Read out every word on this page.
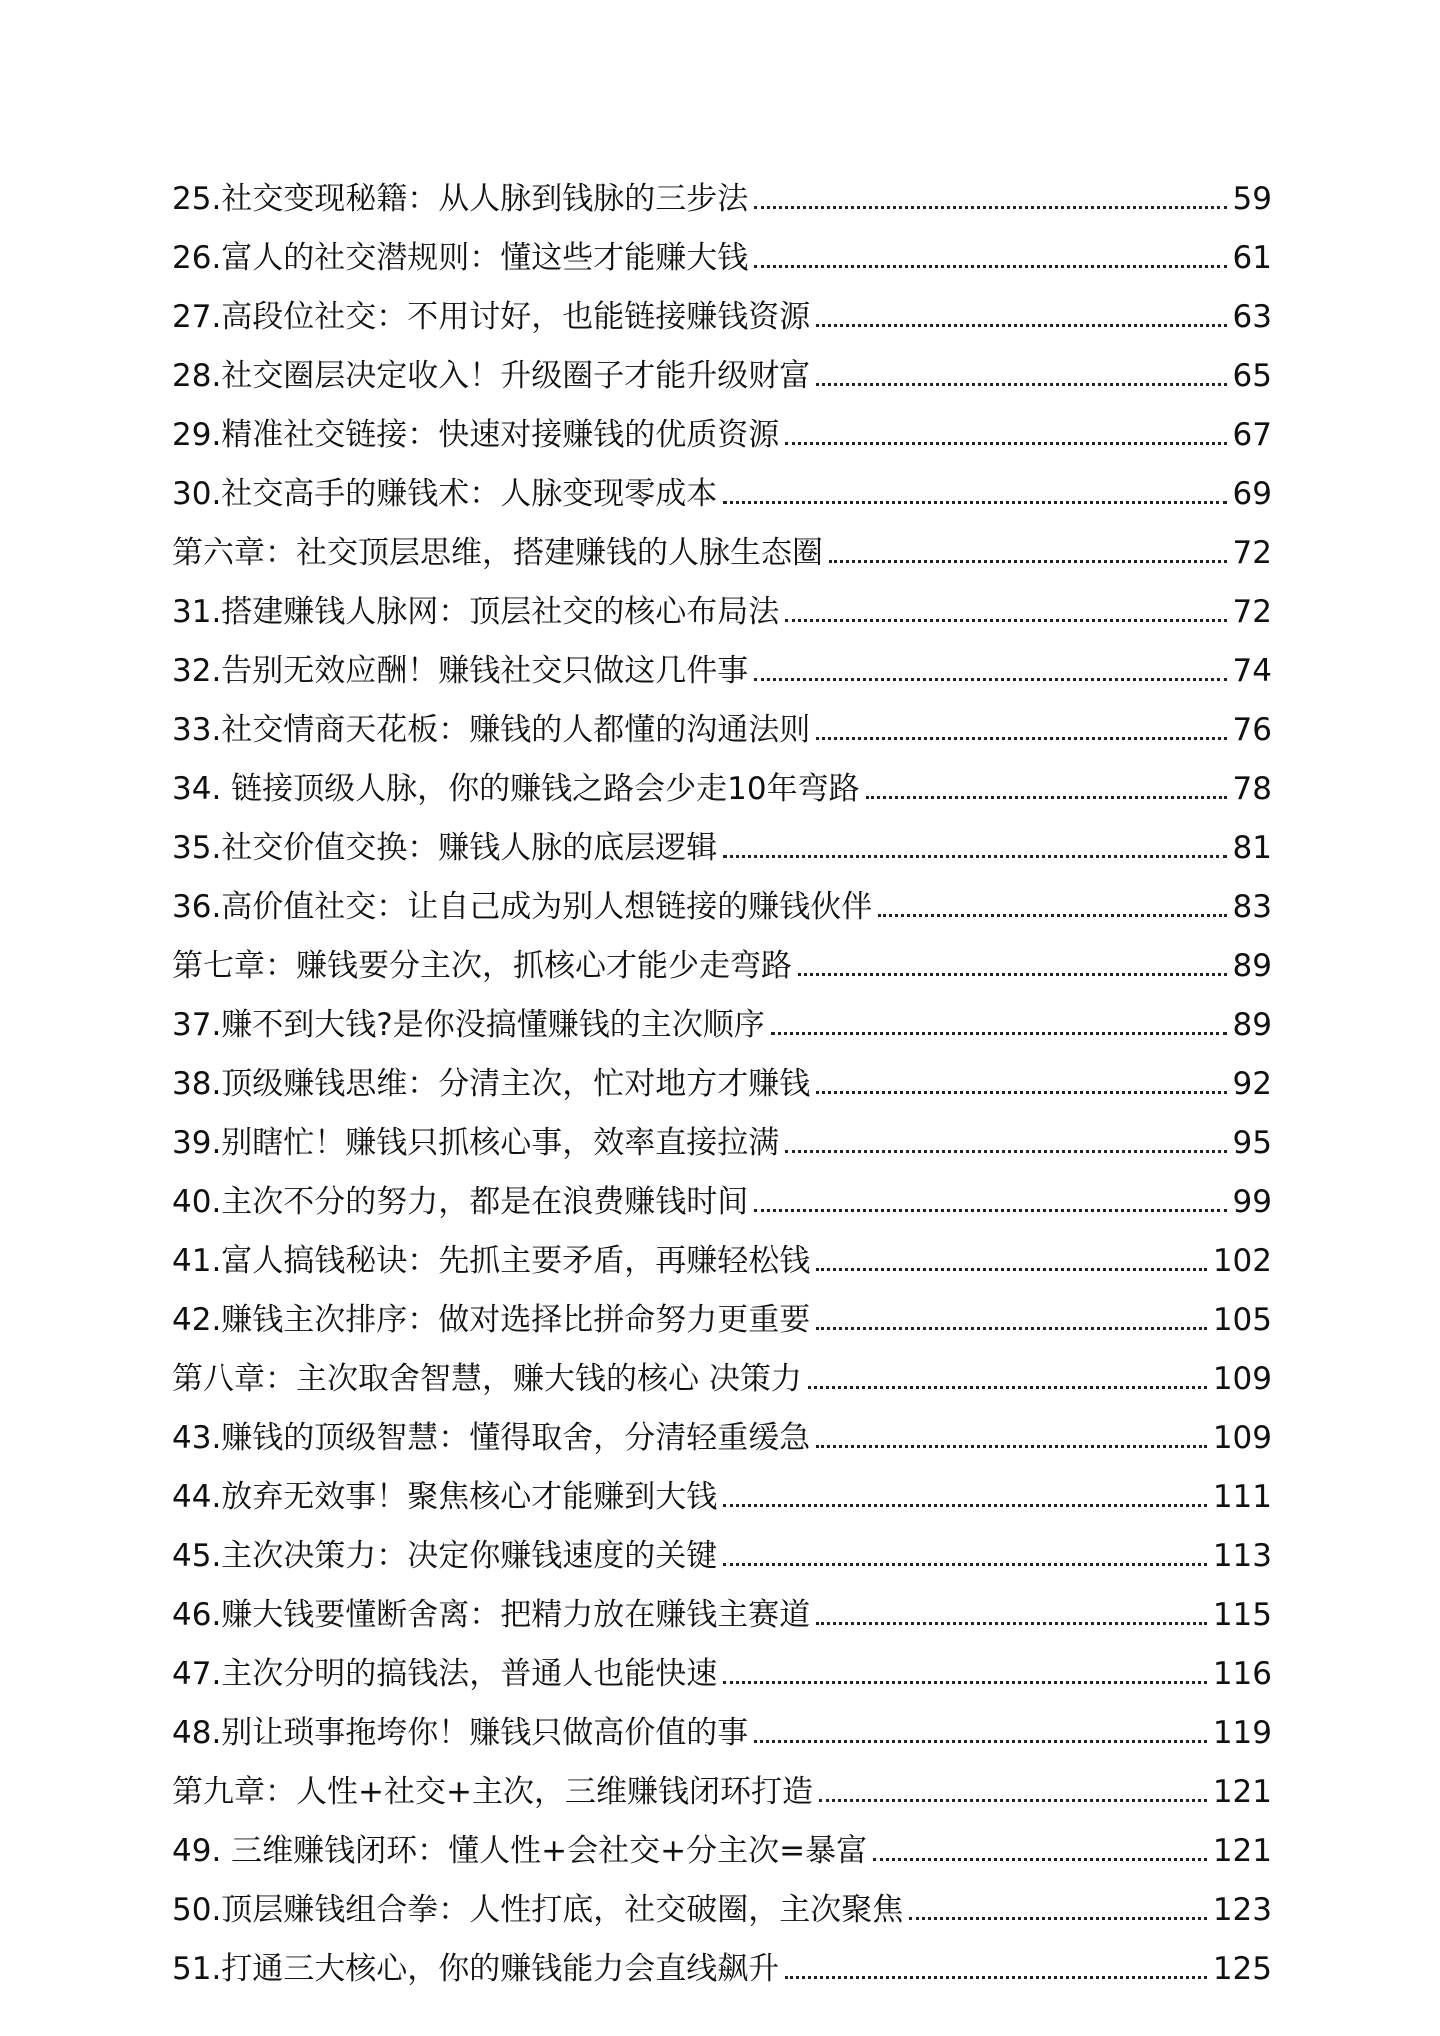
25.社交变现秘籍：从人脉到钱脉的三步法	59
26.富人的社交潜规则：懂这些才能赚大钱	61
27.高段位社交：不用讨好，也能链接赚钱资源	63
28.社交圈层决定收入！升级圈子才能升级财富	65
29.精准社交链接：快速对接赚钱的优质资源	67
30.社交高手的赚钱术：人脉变现零成本	69
第六章：社交顶层思维，搭建赚钱的人脉生态圈	72
31.搭建赚钱人脉网：顶层社交的核心布局法	72
32.告别无效应酬！赚钱社交只做这几件事	74
33.社交情商天花板：赚钱的人都懂的沟通法则	76
34. 链接顶级人脉，你的赚钱之路会少走10年弯路	78
35.社交价值交换：赚钱人脉的底层逻辑	81
36.高价值社交：让自己成为别人想链接的赚钱伙伴	83
第七章：赚钱要分主次，抓核心才能少走弯路	89
37.赚不到大钱?是你没搞懂赚钱的主次顺序	89
38.顶级赚钱思维：分清主次，忙对地方才赚钱	92
39.别瞎忙！赚钱只抓核心事，效率直接拉满	95
40.主次不分的努力，都是在浪费赚钱时间	99
41.富人搞钱秘诀：先抓主要矛盾，再赚轻松钱	102
42.赚钱主次排序：做对选择比拼命努力更重要	105
第八章：主次取舍智慧，赚大钱的核心 决策力	109
43.赚钱的顶级智慧：懂得取舍，分清轻重缓急	109
44.放弃无效事！聚焦核心才能赚到大钱	111
45.主次决策力：决定你赚钱速度的关键	113
46.赚大钱要懂断舍离：把精力放在赚钱主赛道	115
47.主次分明的搞钱法，普通人也能快速	116
48.别让琐事拖垮你！赚钱只做高价值的事	119
第九章：人性+社交+主次，三维赚钱闭环打造	121
49. 三维赚钱闭环：懂人性+会社交+分主次=暴富	121
50.顶层赚钱组合拳：人性打底，社交破圈，主次聚焦	123
51.打通三大核心，你的赚钱能力会直线飙升	125
